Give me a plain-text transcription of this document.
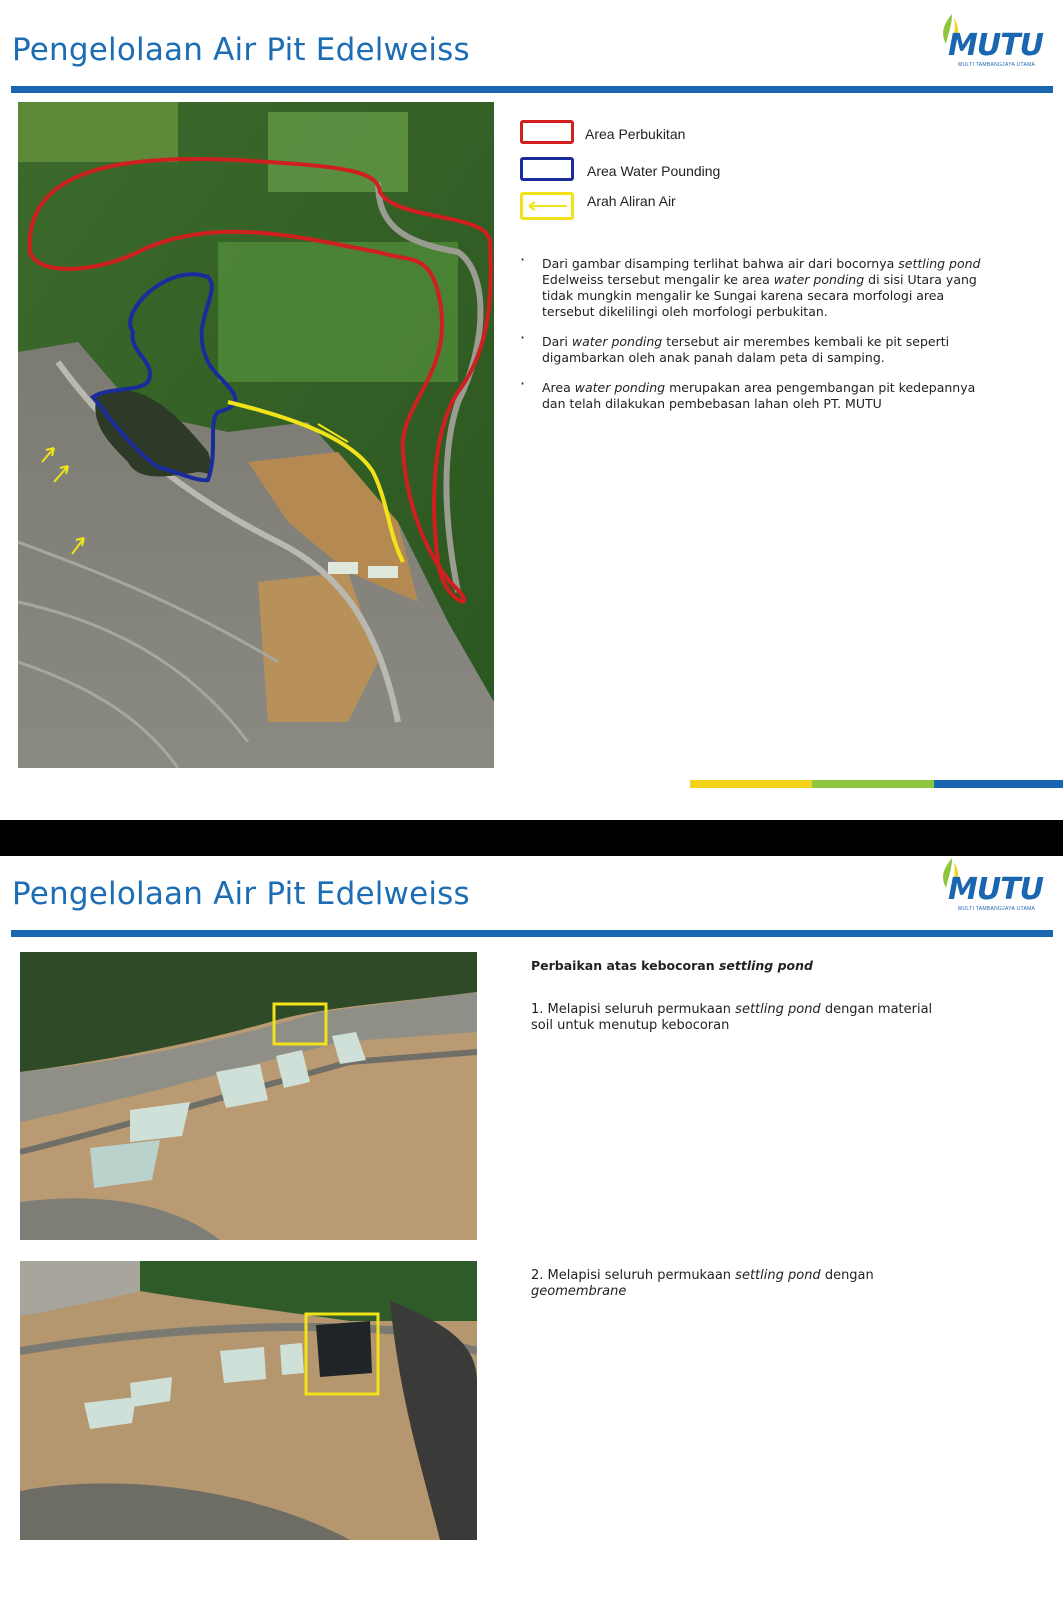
Pengelolaan Air Pit Edelweiss	MUTU
MULTI TAMBANGJAYA UTAMA
Area Perbukitan
Area Water Pounding
Arah Aliran Air
· Dari gambar disamping terlihat bahwa air dari bocornya settling pond Edelweiss tersebut mengalir ke area water ponding di sisi Utara yang tidak mungkin mengalir ke Sungai karena secara morfologi area tersebut dikelilingi oleh morfologi perbukitan.
· Dari water ponding tersebut air merembes kembali ke pit seperti digambarkan oleh anak panah dalam peta di samping.
· Area water ponding merupakan area pengembangan pit kedepannya dan telah dilakukan pembebasan lahan oleh PT. MUTU
Pengelolaan Air Pit Edelweiss	MUTU
MULTI TAMBANGJAYA UTAMA
Perbaikan atas kebocoran settling pond
1. Melapisi seluruh permukaan settling pond dengan material soil untuk menutup kebocoran
2. Melapisi seluruh permukaan settling pond dengan
geomembrane
